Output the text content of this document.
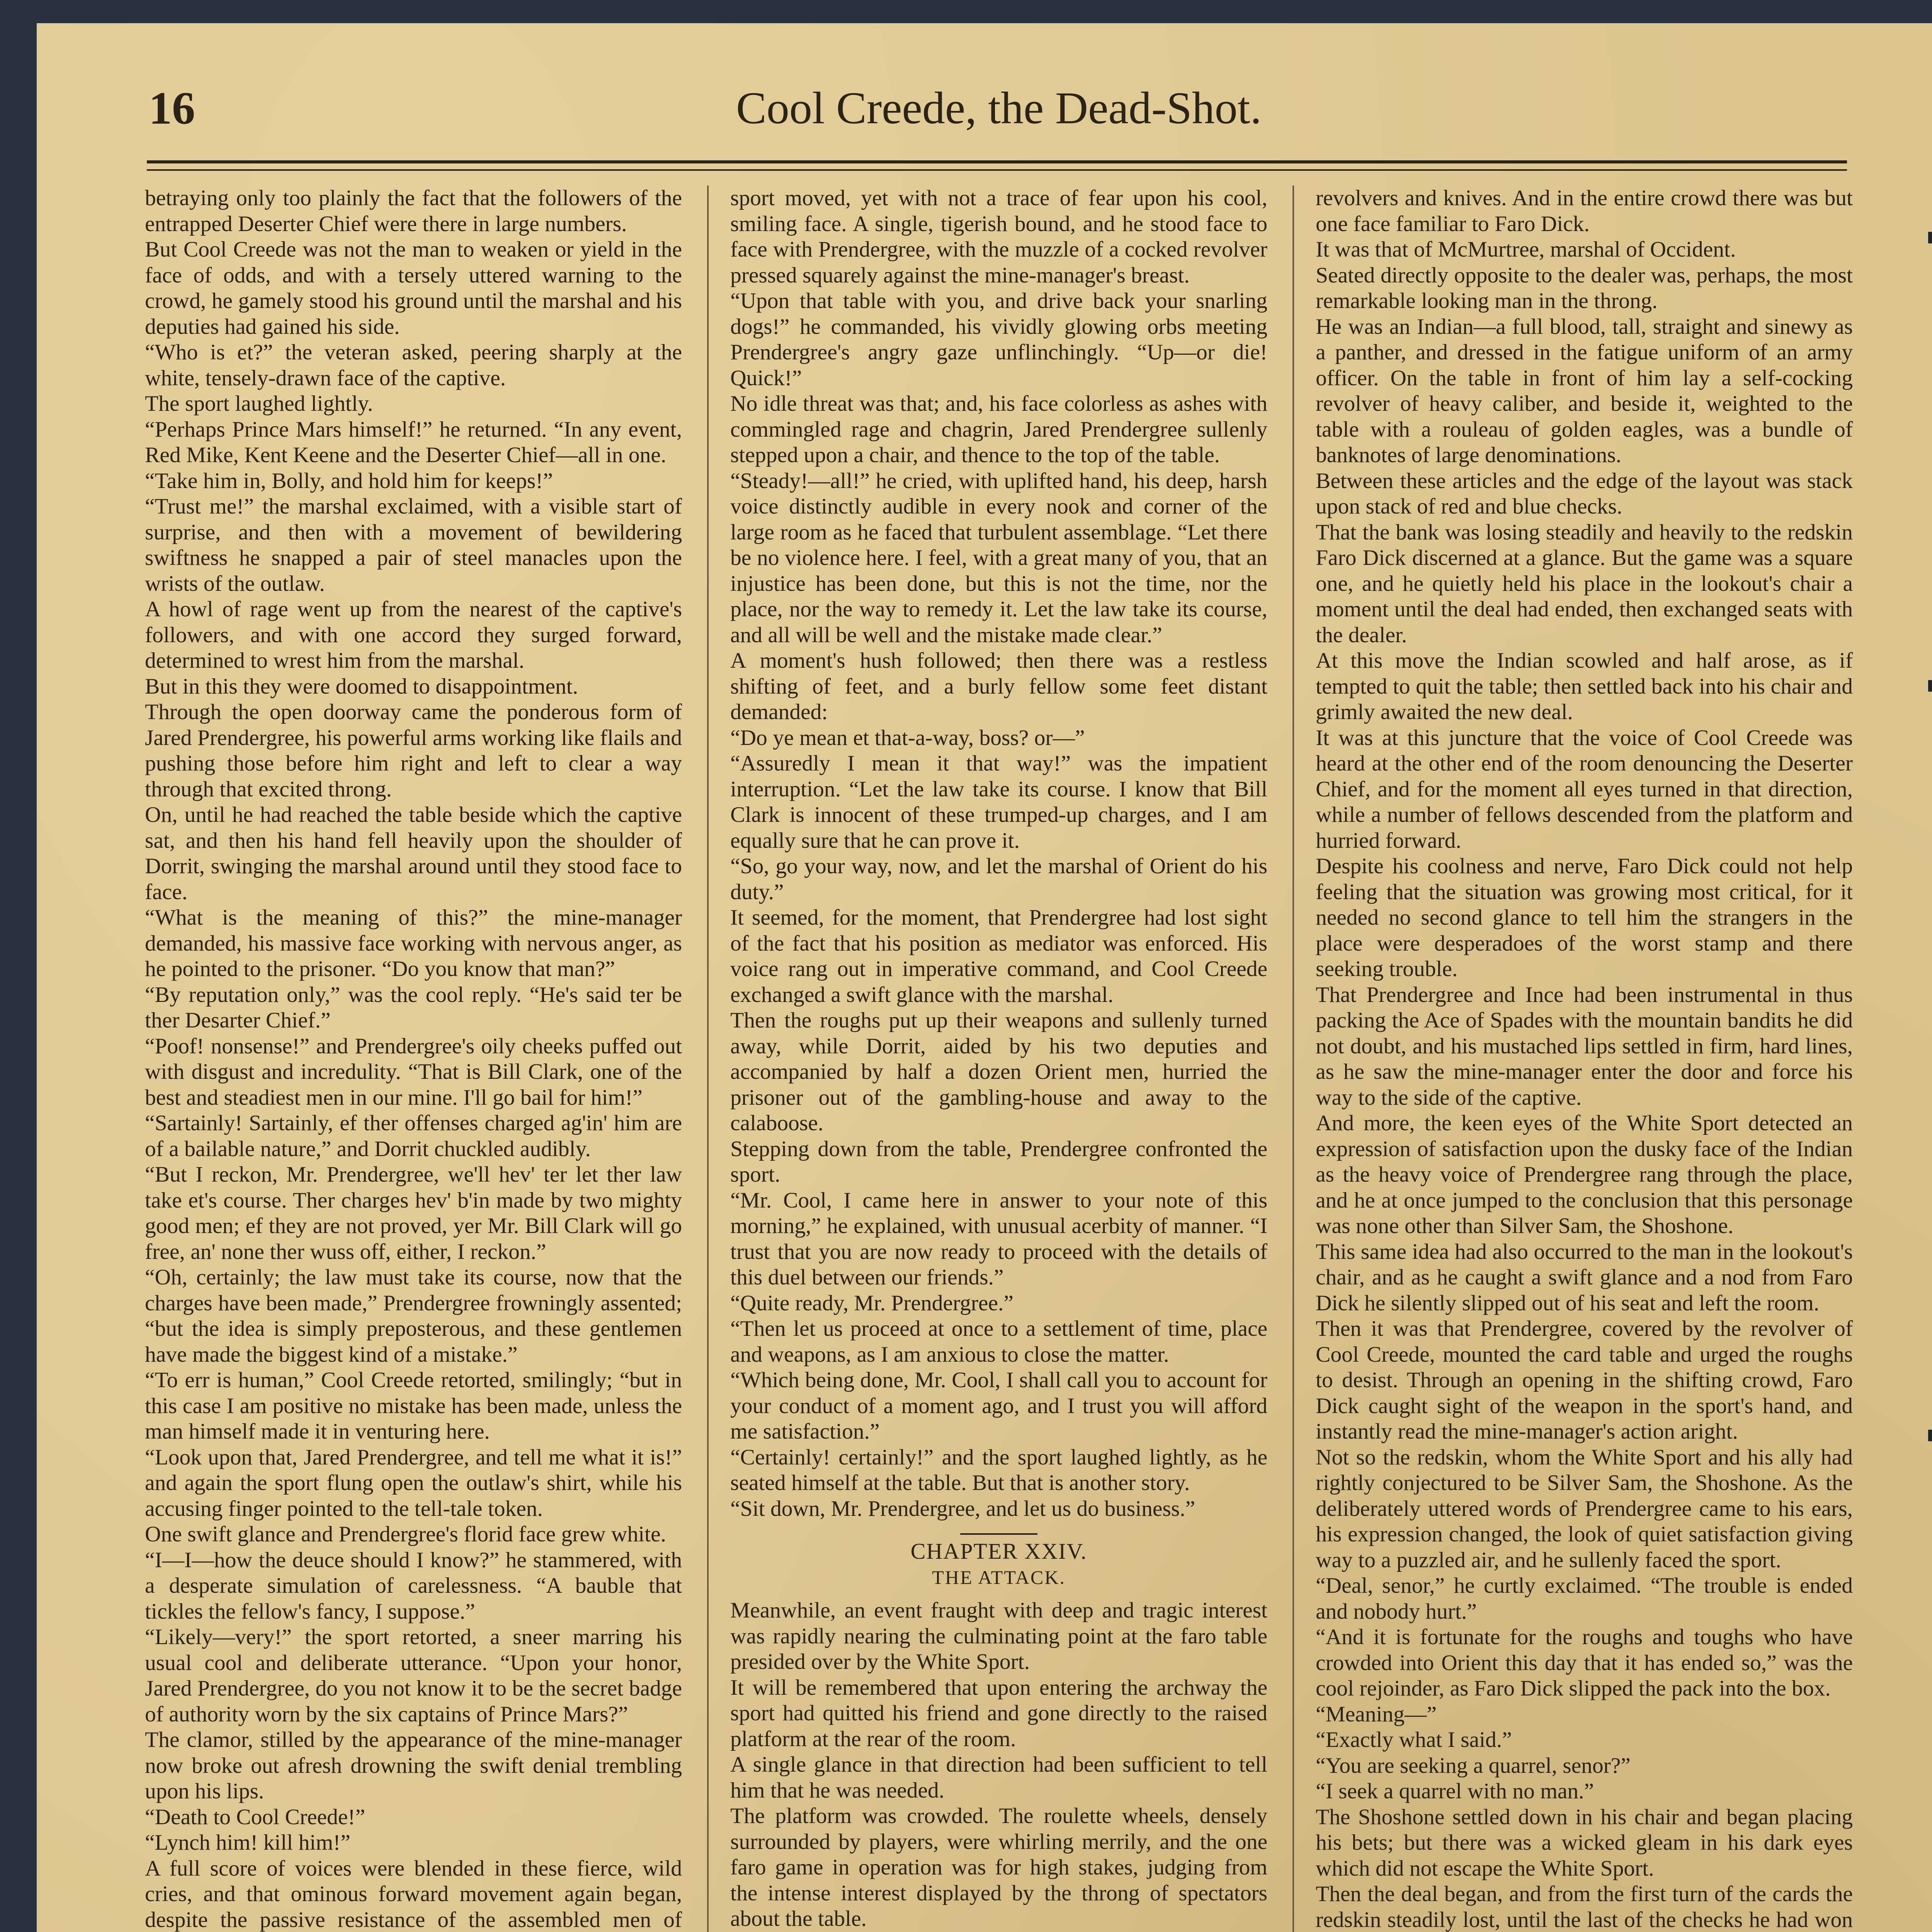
16	Cool Creede, the Dead-Shot.

betraying only too plainly the fact that the followers of the entrapped Deserter Chief were there in large numbers.

But Cool Creede was not the man to weaken or yield in the face of odds, and with a tersely uttered warning to the crowd, he gamely stood his ground until the marshal and his deputies had gained his side.

“Who is et?” the veteran asked, peering sharply at the white, tensely-drawn face of the captive.

The sport laughed lightly.

“Perhaps Prince Mars himself!” he returned. “In any event, Red Mike, Kent Keene and the Deserter Chief—all in one.

“Take him in, Bolly, and hold him for keeps!”

“Trust me!” the marshal exclaimed, with a visible start of surprise, and then with a movement of bewildering swiftness he snapped a pair of steel manacles upon the wrists of the outlaw.

A howl of rage went up from the nearest of the captive's followers, and with one accord they surged forward, determined to wrest him from the marshal.

But in this they were doomed to disappointment.

Through the open doorway came the ponderous form of Jared Prendergree, his powerful arms working like flails and pushing those before him right and left to clear a way through that excited throng.

On, until he had reached the table beside which the captive sat, and then his hand fell heavily upon the shoulder of Dorrit, swinging the marshal around until they stood face to face.

“What is the meaning of this?” the mine-manager demanded, his massive face working with nervous anger, as he pointed to the prisoner. “Do you know that man?”

“By reputation only,” was the cool reply. “He's said ter be ther Desarter Chief.”

“Poof! nonsense!” and Prendergree's oily cheeks puffed out with disgust and incredulity. “That is Bill Clark, one of the best and steadiest men in our mine. I'll go bail for him!”

“Sartainly! Sartainly, ef ther offenses charged ag'in' him are of a bailable nature,” and Dorrit chuckled audibly.

“But I reckon, Mr. Prendergree, we'll hev' ter let ther law take et's course. Ther charges hev' b'in made by two mighty good men; ef they are not proved, yer Mr. Bill Clark will go free, an' none ther wuss off, either, I reckon.”

“Oh, certainly; the law must take its course, now that the charges have been made,” Prendergree frowningly assented; “but the idea is simply preposterous, and these gentlemen have made the biggest kind of a mistake.”

“To err is human,” Cool Creede retorted, smilingly; “but in this case I am positive no mistake has been made, unless the man himself made it in venturing here.

“Look upon that, Jared Prendergree, and tell me what it is!” and again the sport flung open the outlaw's shirt, while his accusing finger pointed to the tell-tale token.

One swift glance and Prendergree's florid face grew white.

“I—I—how the deuce should I know?” he stammered, with a desperate simulation of carelessness. “A bauble that tickles the fellow's fancy, I suppose.”

“Likely—very!” the sport retorted, a sneer marring his usual cool and deliberate utterance. “Upon your honor, Jared Prendergree, do you not know it to be the secret badge of authority worn by the six captains of Prince Mars?”

The clamor, stilled by the appearance of the mine-manager now broke out afresh drowning the swift denial trembling upon his lips.

“Death to Cool Creede!”

“Lynch him! kill him!”

A full score of voices were blended in these fierce, wild cries, and that ominous forward movement again began, despite the passive resistance of the assembled men of

sport moved, yet with not a trace of fear upon his cool, smiling face. A single, tigerish bound, and he stood face to face with Prendergree, with the muzzle of a cocked revolver pressed squarely against the mine-manager's breast.

“Upon that table with you, and drive back your snarling dogs!” he commanded, his vividly glowing orbs meeting Prendergree's angry gaze unflinchingly. “Up—or die! Quick!”

No idle threat was that; and, his face colorless as ashes with commingled rage and chagrin, Jared Prendergree sullenly stepped upon a chair, and thence to the top of the table.

“Steady!—all!” he cried, with uplifted hand, his deep, harsh voice distinctly audible in every nook and corner of the large room as he faced that turbulent assemblage. “Let there be no violence here. I feel, with a great many of you, that an injustice has been done, but this is not the time, nor the place, nor the way to remedy it. Let the law take its course, and all will be well and the mistake made clear.”

A moment's hush followed; then there was a restless shifting of feet, and a burly fellow some feet distant demanded:

“Do ye mean et that-a-way, boss? or—”

“Assuredly I mean it that way!” was the impatient interruption. “Let the law take its course. I know that Bill Clark is innocent of these trumped-up charges, and I am equally sure that he can prove it.

“So, go your way, now, and let the marshal of Orient do his duty.”

It seemed, for the moment, that Prendergree had lost sight of the fact that his position as mediator was enforced. His voice rang out in imperative command, and Cool Creede exchanged a swift glance with the marshal.

Then the roughs put up their weapons and sullenly turned away, while Dorrit, aided by his two deputies and accompanied by half a dozen Orient men, hurried the prisoner out of the gambling-house and away to the calaboose.

Stepping down from the table, Prendergree confronted the sport.

“Mr. Cool, I came here in answer to your note of this morning,” he explained, with unusual acerbity of manner. “I trust that you are now ready to proceed with the details of this duel between our friends.”

“Quite ready, Mr. Prendergree.”

“Then let us proceed at once to a settlement of time, place and weapons, as I am anxious to close the matter.

“Which being done, Mr. Cool, I shall call you to account for your conduct of a moment ago, and I trust you will afford me satisfaction.”

“Certainly! certainly!” and the sport laughed lightly, as he seated himself at the table. But that is another story.

“Sit down, Mr. Prendergree, and let us do business.”

CHAPTER XXIV.

THE ATTACK.

Meanwhile, an event fraught with deep and tragic interest was rapidly nearing the culminating point at the faro table presided over by the White Sport.

It will be remembered that upon entering the archway the sport had quitted his friend and gone directly to the raised platform at the rear of the room.

A single glance in that direction had been sufficient to tell him that he was needed.

The platform was crowded. The roulette wheels, densely surrounded by players, were whirling merrily, and the one faro game in operation was for high stakes, judging from the intense interest displayed by the throng of spectators about the table.

revolvers and knives. And in the entire crowd there was but one face familiar to Faro Dick.

It was that of McMurtree, marshal of Occident.

Seated directly opposite to the dealer was, perhaps, the most remarkable looking man in the throng.

He was an Indian—a full blood, tall, straight and sinewy as a panther, and dressed in the fatigue uniform of an army officer. On the table in front of him lay a self-cocking revolver of heavy caliber, and beside it, weighted to the table with a rouleau of golden eagles, was a bundle of banknotes of large denominations.

Between these articles and the edge of the layout was stack upon stack of red and blue checks.

That the bank was losing steadily and heavily to the redskin Faro Dick discerned at a glance. But the game was a square one, and he quietly held his place in the lookout's chair a moment until the deal had ended, then exchanged seats with the dealer.

At this move the Indian scowled and half arose, as if tempted to quit the table; then settled back into his chair and grimly awaited the new deal.

It was at this juncture that the voice of Cool Creede was heard at the other end of the room denouncing the Deserter Chief, and for the moment all eyes turned in that direction, while a number of fellows descended from the platform and hurried forward.

Despite his coolness and nerve, Faro Dick could not help feeling that the situation was growing most critical, for it needed no second glance to tell him the strangers in the place were desperadoes of the worst stamp and there seeking trouble.

That Prendergree and Ince had been instrumental in thus packing the Ace of Spades with the mountain bandits he did not doubt, and his mustached lips settled in firm, hard lines, as he saw the mine-manager enter the door and force his way to the side of the captive.

And more, the keen eyes of the White Sport detected an expression of satisfaction upon the dusky face of the Indian as the heavy voice of Prendergree rang through the place, and he at once jumped to the conclusion that this personage was none other than Silver Sam, the Shoshone.

This same idea had also occurred to the man in the lookout's chair, and as he caught a swift glance and a nod from Faro Dick he silently slipped out of his seat and left the room.

Then it was that Prendergree, covered by the revolver of Cool Creede, mounted the card table and urged the roughs to desist. Through an opening in the shifting crowd, Faro Dick caught sight of the weapon in the sport's hand, and instantly read the mine-manager's action aright.

Not so the redskin, whom the White Sport and his ally had rightly conjectured to be Silver Sam, the Shoshone. As the deliberately uttered words of Prendergree came to his ears, his expression changed, the look of quiet satisfaction giving way to a puzzled air, and he sullenly faced the sport.

“Deal, senor,” he curtly exclaimed. “The trouble is ended and nobody hurt.”

“And it is fortunate for the roughs and toughs who have crowded into Orient this day that it has ended so,” was the cool rejoinder, as Faro Dick slipped the pack into the box.

“Meaning—”

“Exactly what I said.”

“You are seeking a quarrel, senor?”

“I seek a quarrel with no man.”

The Shoshone settled down in his chair and began placing his bets; but there was a wicked gleam in his dark eyes which did not escape the White Sport.

Then the deal began, and from the first turn of the cards the redskin steadily lost, until the last of the checks he had won
